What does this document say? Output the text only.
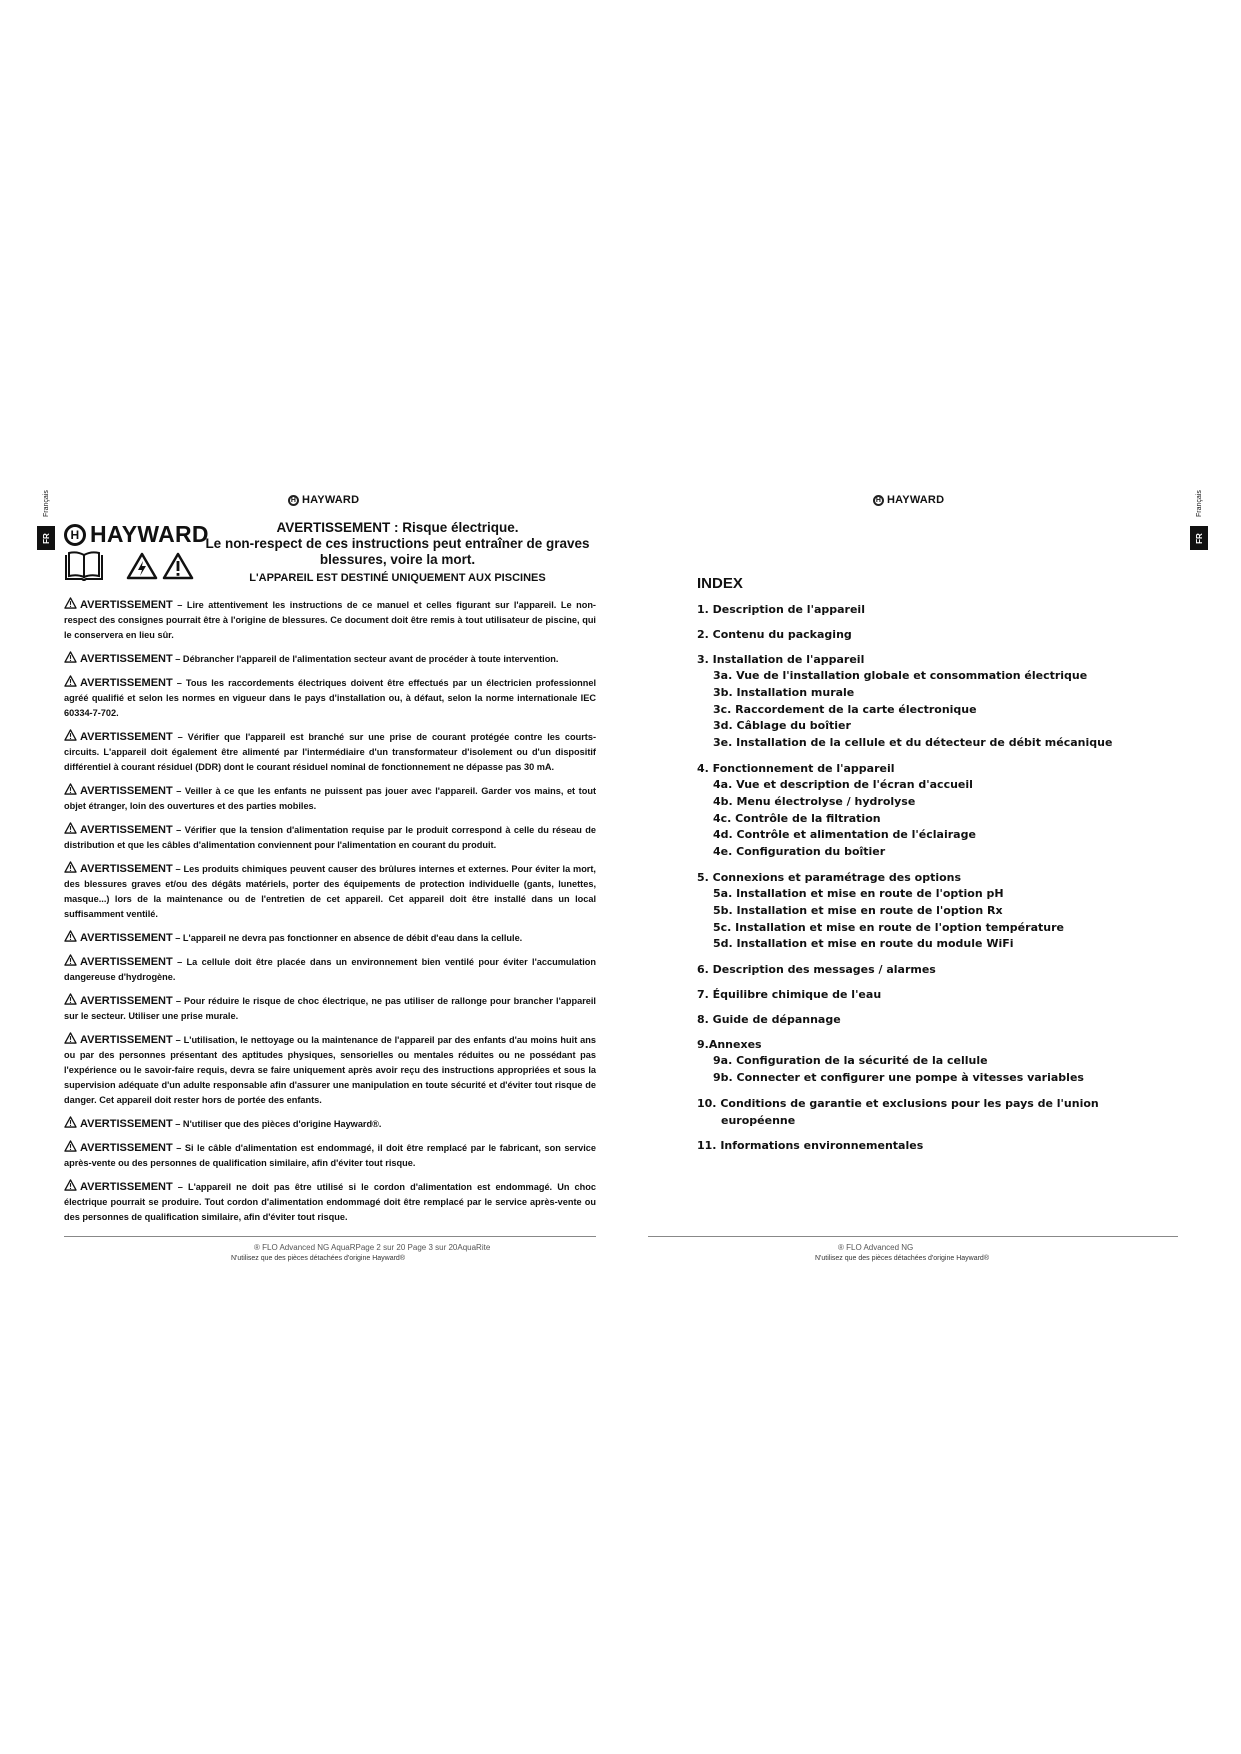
Français
FR
Français
FR
H HAYWARD	H HAYWARD
H HAYWARD	AVERTISSEMENT : Risque électrique.
Le non-respect de ces instructions peut entraîner de graves
blessures, voire la mort.
L'APPAREIL EST DESTINÉ UNIQUEMENT AUX PISCINES

AVERTISSEMENT – Lire attentivement les instructions de ce manuel et celles figurant sur l'appareil. Le non-respect des consignes pourrait être à l'origine de blessures. Ce document doit être remis à tout utilisateur de piscine, qui le conservera en lieu sûr.

AVERTISSEMENT – Débrancher l'appareil de l'alimentation secteur avant de procéder à toute intervention.

AVERTISSEMENT – Tous les raccordements électriques doivent être effectués par un électricien professionnel agréé qualifié et selon les normes en vigueur dans le pays d'installation ou, à défaut, selon la norme internationale IEC 60334-7-702.

AVERTISSEMENT – Vérifier que l'appareil est branché sur une prise de courant protégée contre les courts-circuits. L'appareil doit également être alimenté par l'intermédiaire d'un transformateur d'isolement ou d'un dispositif différentiel à courant résiduel (DDR) dont le courant résiduel nominal de fonctionnement ne dépasse pas 30 mA.

AVERTISSEMENT – Veiller à ce que les enfants ne puissent pas jouer avec l'appareil. Garder vos mains, et tout objet étranger, loin des ouvertures et des parties mobiles.

AVERTISSEMENT – Vérifier que la tension d'alimentation requise par le produit correspond à celle du réseau de distribution et que les câbles d'alimentation conviennent pour l'alimentation en courant du produit.

AVERTISSEMENT – Les produits chimiques peuvent causer des brûlures internes et externes. Pour éviter la mort, des blessures graves et/ou des dégâts matériels, porter des équipements de protection individuelle (gants, lunettes, masque...) lors de la maintenance ou de l'entretien de cet appareil. Cet appareil doit être installé dans un local suffisamment ventilé.

AVERTISSEMENT – L'appareil ne devra pas fonctionner en absence de débit d'eau dans la cellule.

AVERTISSEMENT – La cellule doit être placée dans un environnement bien ventilé pour éviter l'accumulation dangereuse d'hydrogène.

AVERTISSEMENT – Pour réduire le risque de choc électrique, ne pas utiliser de rallonge pour brancher l'appareil sur le secteur. Utiliser une prise murale.

AVERTISSEMENT – L'utilisation, le nettoyage ou la maintenance de l'appareil par des enfants d'au moins huit ans ou par des personnes présentant des aptitudes physiques, sensorielles ou mentales réduites ou ne possédant pas l'expérience ou le savoir-faire requis, devra se faire uniquement après avoir reçu des instructions appropriées et sous la supervision adéquate d'un adulte responsable afin d'assurer une manipulation en toute sécurité et d'éviter tout risque de danger. Cet appareil doit rester hors de portée des enfants.

AVERTISSEMENT – N'utiliser que des pièces d'origine Hayward®.

AVERTISSEMENT – Si le câble d'alimentation est endommagé, il doit être remplacé par le fabricant, son service après-vente ou des personnes de qualification similaire, afin d'éviter tout risque.

AVERTISSEMENT – L'appareil ne doit pas être utilisé si le cordon d'alimentation est endommagé. Un choc électrique pourrait se produire. Tout cordon d'alimentation endommagé doit être remplacé par le service après-vente ou des personnes de qualification similaire, afin d'éviter tout risque.

® FLO Advanced NG AquaRPage 2 sur 20 Page 3 sur 20AquaRite
N'utilisez que des pièces détachées d'origine Hayward®
INDEX
1. Description de l'appareil
2. Contenu du packaging
3. Installation de l'appareil
3a. Vue de l'installation globale et consommation électrique
3b. Installation murale
3c. Raccordement de la carte électronique
3d. Câblage du boîtier
3e. Installation de la cellule et du détecteur de débit mécanique
4. Fonctionnement de l'appareil
4a. Vue et description de l'écran d'accueil
4b. Menu électrolyse / hydrolyse
4c. Contrôle de la filtration
4d. Contrôle et alimentation de l'éclairage
4e. Configuration du boîtier
5. Connexions et paramétrage des options
5a. Installation et mise en route de l'option pH
5b. Installation et mise en route de l'option Rx
5c. Installation et mise en route de l'option température
5d. Installation et mise en route du module WiFi
6. Description des messages / alarmes
7. Équilibre chimique de l'eau
8. Guide de dépannage
9.Annexes
9a. Configuration de la sécurité de la cellule
9b. Connecter et configurer une pompe à vitesses variables
10. Conditions de garantie et exclusions pour les pays de l'union
européenne
11. Informations environnementales
® FLO Advanced NG
N'utilisez que des pièces détachées d'origine Hayward®
